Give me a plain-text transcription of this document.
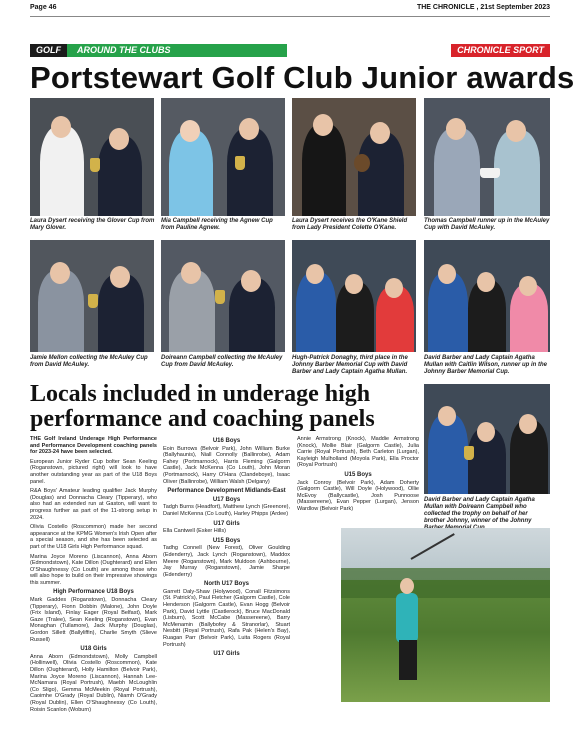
Page 46	THE CHRONICLE , 21st September 2023
GOLF	AROUND THE CLUBS	CHRONICLE SPORT
Portstewart Golf Club Junior awards
Laura Dysert receiving the Glover Cup from Mary Glover.
Mia Campbell receiving the Agnew Cup from Pauline Agnew.
Laura Dysert receives the O'Kane Shield from Lady President Colette O'Kane.
Thomas Campbell runner up in the McAuley Cup with David McAuley.
Jamie Mellon collecting the McAuley Cup from David McAuley.
Doireann Campbell collecting the McAuley Cup from David McAuley.
Hugh-Patrick Donaghy, third place in the Johnny Barber Memorial Cup with David Barber and Lady Captain Agatha Mullan.
David Barber and Lady Captain Agatha Mullan with Caitlin Wilson, runner up in the Johnny Barber Memorial Cup.
Locals included in underage high performance and coaching panels
David Barber and Lady Captain Agatha Mullan with Doireann Campbell who collected the trophy on behalf of her brother Johnny, winner of the Johnny

THE Golf Ireland Underage High Performance and Performance Development coaching panels for 2023-24 have been selected.

European Junior Ryder Cup bolter Sean Keeling (Roganstown, pictured right) will look to have another outstanding year as part of the U18 Boys panel.

R&A Boys' Amateur leading qualifier Jack Murphy (Douglas) and Donnacha Cleary (Tipperary), who also had an extended run at Gaston, will want to progress further as part of the 11-strong setup in 2024.

Olivia Costello (Roscommon) made her second appearance at the KPMG Women's Irish Open after a special season, and she has been selected as part of the U18 Girls High Performance squad.

Marina Joyce Moreno (Liscannon), Anna Aborn (Edmondstown), Kate Dillon (Oughterard) and Ellen O'Shaughnessy (Co Louth) are among those who will also hope to build on their impressive showings this summer.

High Performance U18 Boys

Mark Gaddes (Roganstown), Donnacha Cleary (Tipperary), Fionn Dobbin (Malone), John Doyle (Frix Island), Finlay Eager (Royal Belfast), Mark Gaze (Tralee), Sean Keeling (Roganstown), Evan Monaghan (Tullamore), Jack Murphy (Douglas), Gordon Sillett (Ballyliffin), Charlie Smyth (Slieve Russell)

U18 Girls

Anna Aborn (Edmondstown), Molly Campbell (Hollinwell), Olivia Costello (Roscommon), Kate Dillon (Oughterard), Holly Hamilton (Belvoir Park), Marina Joyce Moreno (Liscannon), Hannah Lee-McNamara (Royal Portrush), Maebh McLoughlin (Co Sligo), Gemma McMeekin (Royal Portrush), Caoimhe O'Grady (Royal Dublin), Niamh O'Grady (Royal Dublin), Ellen O'Shaughnessy (Co Louth), Roisin Scanlon (Woburn)

U16 Boys

Eoin Burrows (Belvoir Park), John William Burke (Ballyhaunis), Niall Connolly (Ballinrobe), Adam Fahey (Portmarnock), Harris Fleming (Galgorm Castle), Jack McKenna (Co Louth), John Moran (Portmarnock), Harry O'Hara (Clandeboye), Isaac Oliver (Ballinrobe), William Walsh (Delgany)

Performance Development Midlands-East
U17 Boys

Tadgh Burns (Headfort), Matthew Lynch (Greenore), Daniel McKenna (Co Louth), Harley Phipps (Ardee)

U17 Girls

Ella Cantwell (Esker Hills)

U15 Boys

Tadhg Connell (New Forest), Oliver Goulding (Edenderry), Jack Lynch (Roganstown), Maddox Meere (Roganstown), Mark Muldoon (Ashbourne), Jay Murray (Roganstown), Jamie Sharpe (Edenderry)

North U17 Boys

Garrett Daly-Shaw (Holywood), Conall Fitzsimons (St. Patrick's), Paul Fletcher (Galgorm Castle), Cole Henderson (Galgorm Castle), Evan Hogg (Belvoir Park), David Lyttle (Castlerock), Bruce MacDonald (Lisburn), Scott McCabe (Massereene), Barry McMenamin (Ballybofey & Stranorlar), Stuart Nesbitt (Royal Portrush), Rafa Pak (Helen's Bay), Ruagan Parr (Belvoir Park), Luita Rogers (Royal Portrush)

U17 Girls

Annie Armstrong (Knock), Maddie Armstrong (Knock), Mollie Blair (Galgorm Castle), Julia Carrie (Royal Portrush), Beth Carleton (Lurgan), Kayleigh Mulholland (Moyola Park), Ella Proctor (Royal Portrush)

U15 Boys

Jack Conroy (Belvoir Park), Adam Doherty (Galgorm Castle), Will Doyle (Holywood), Ollie McEvoy (Ballycastle), Josh Punnoose (Massereene), Evan Pepper (Lurgan), Jenson Wardlow (Belvoir Park)
